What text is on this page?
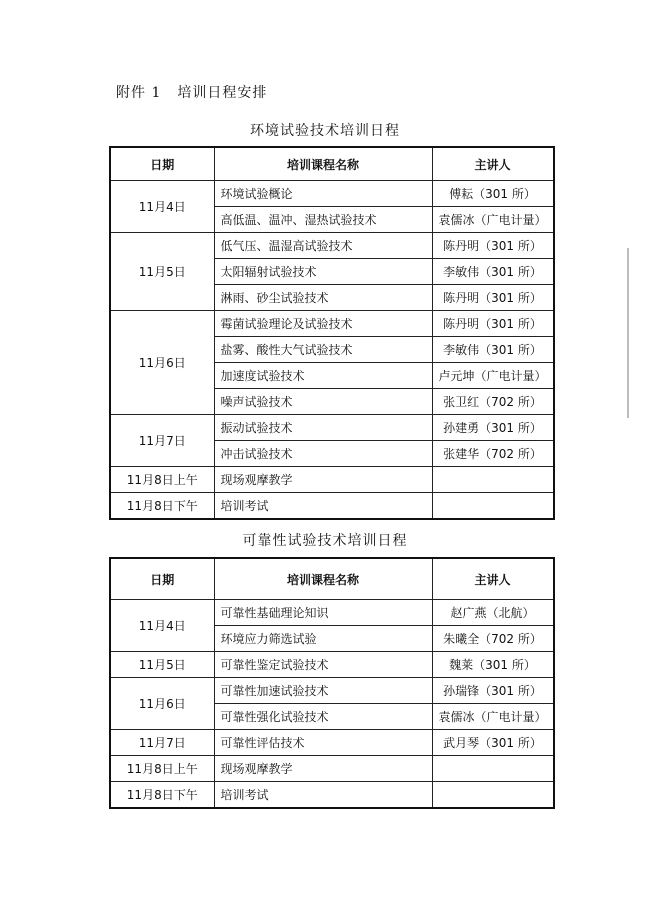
附件 1 培训日程安排
环境试验技术培训日程
日期	培训课程名称	主讲人
11月4日	环境试验概论	傅耘（301 所）
	高低温、温冲、湿热试验技术	袁儒冰（广电计量）
11月5日	低气压、温湿高试验技术	陈丹明（301 所）
	太阳辐射试验技术	李敏伟（301 所）
	淋雨、砂尘试验技术	陈丹明（301 所）
11月6日	霉菌试验理论及试验技术	陈丹明（301 所）
	盐雾、酸性大气试验技术	李敏伟（301 所）
	加速度试验技术	卢元坤（广电计量）
	噪声试验技术	张卫红（702 所）
11月7日	振动试验技术	孙建勇（301 所）
	冲击试验技术	张建华（702 所）
11月8日上午	现场观摩教学	
11月8日下午	培训考试	
可靠性试验技术培训日程
日期	培训课程名称	主讲人
11月4日	可靠性基础理论知识	赵广燕（北航）
	环境应力筛选试验	朱曦全（702 所）
11月5日	可靠性鉴定试验技术	魏莱（301 所）
11月6日	可靠性加速试验技术	孙瑞锋（301 所）
	可靠性强化试验技术	袁儒冰（广电计量）
11月7日	可靠性评估技术	武月琴（301 所）
11月8日上午	现场观摩教学	
11月8日下午	培训考试	
